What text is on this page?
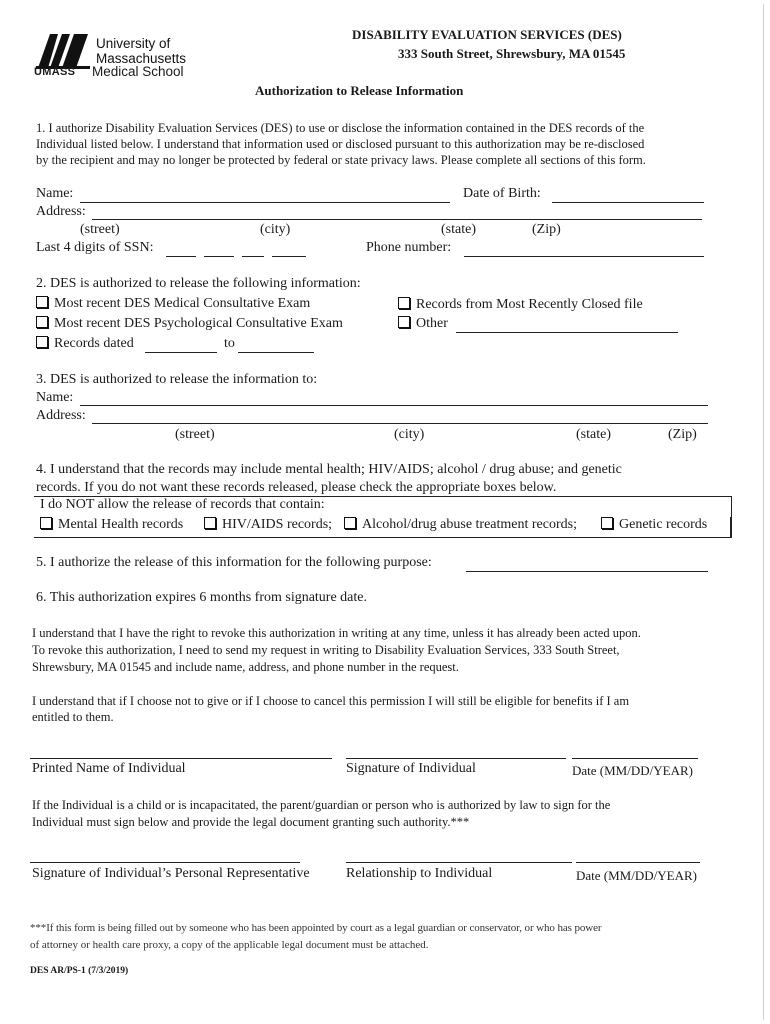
University of
Massachusetts
UMASS Medical School
DISABILITY EVALUATION SERVICES (DES)
333 South Street, Shrewsbury, MA 01545
Authorization to Release Information
1. I authorize Disability Evaluation Services (DES) to use or disclose the information contained in the DES records of the
Individual listed below. I understand that information used or disclosed pursuant to this authorization may be re-disclosed
by the recipient and may no longer be protected by federal or state privacy laws. Please complete all sections of this form.
Name:	Date of Birth:
Address:
(street)	(city)	(state)	(Zip)
Last 4 digits of SSN:	Phone number:
2. DES is authorized to release the following information:
Most recent DES Medical Consultative Exam
Most recent DES Psychological Consultative Exam
Records dated	to
Records from Most Recently Closed file
Other
3. DES is authorized to release the information to:
Name:
Address:
(street)	(city)	(state)	(Zip)
4. I understand that the records may include mental health; HIV/AIDS; alcohol / drug abuse; and genetic
records. If you do not want these records released, please check the appropriate boxes below.
I do NOT allow the release of records that contain:
Mental Health records	HIV/AIDS records;	Alcohol/drug abuse treatment records;	Genetic records
5. I authorize the release of this information for the following purpose:
6. This authorization expires 6 months from signature date.
I understand that I have the right to revoke this authorization in writing at any time, unless it has already been acted upon.
To revoke this authorization, I need to send my request in writing to Disability Evaluation Services, 333 South Street,
Shrewsbury, MA 01545 and include name, address, and phone number in the request.
I understand that if I choose not to give or if I choose to cancel this permission I will still be eligible for benefits if I am
entitled to them.
Printed Name of Individual	Signature of Individual	Date (MM/DD/YEAR)
If the Individual is a child or is incapacitated, the parent/guardian or person who is authorized by law to sign for the
Individual must sign below and provide the legal document granting such authority.***
Signature of Individual’s Personal Representative	Relationship to Individual	Date (MM/DD/YEAR)
***If this form is being filled out by someone who has been appointed by court as a legal guardian or conservator, or who has power
of attorney or health care proxy, a copy of the applicable legal document must be attached.
DES AR/PS-1 (7/3/2019)
